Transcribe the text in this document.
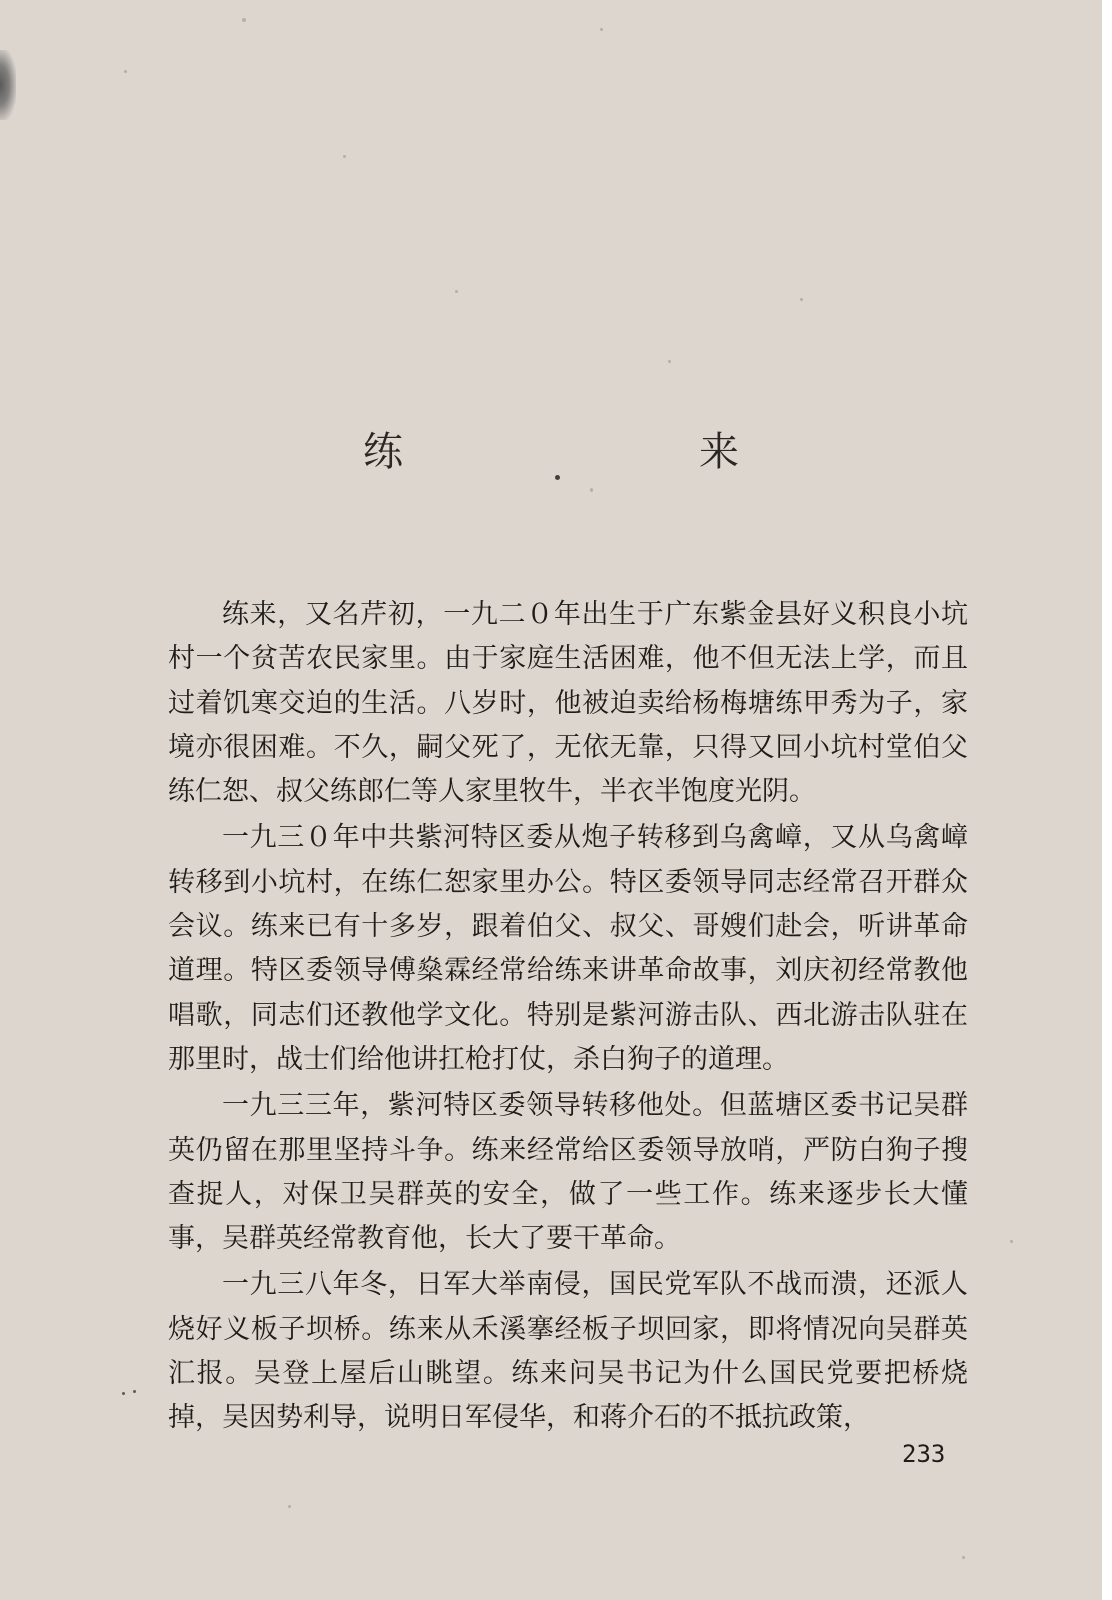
练　来

练来，又名芹初，一九二０年出生于广东紫金县好义积良小坑村一个贫苦农民家里。由于家庭生活困难，他不但无法上学，而且过着饥寒交迫的生活。八岁时，他被迫卖给杨梅塘练甲秀为子，家境亦很困难。不久，嗣父死了，无依无靠，只得又回小坑村堂伯父练仁恕、叔父练郎仁等人家里牧牛，半衣半饱度光阴。

一九三０年中共紫河特区委从炮子转移到乌禽嶂，又从乌禽嶂转移到小坑村，在练仁恕家里办公。特区委领导同志经常召开群众会议。练来已有十多岁，跟着伯父、叔父、哥嫂们赴会，听讲革命道理。特区委领导傅燊霖经常给练来讲革命故事，刘庆初经常教他唱歌，同志们还教他学文化。特别是紫河游击队、西北游击队驻在那里时，战士们给他讲扛枪打仗，杀白狗子的道理。

一九三三年，紫河特区委领导转移他处。但蓝塘区委书记吴群英仍留在那里坚持斗争。练来经常给区委领导放哨，严防白狗子搜查捉人，对保卫吴群英的安全，做了一些工作。练来逐步长大懂事，吴群英经常教育他，长大了要干革命。

一九三八年冬，日军大举南侵，国民党军队不战而溃，还派人烧好义板子坝桥。练来从禾溪搴经板子坝回家，即将情况向吴群英汇报。吴登上屋后山眺望。练来问吴书记为什么国民党要把桥烧掉，吴因势利导，说明日军侵华，和蒋介石的不抵抗政策，

233
